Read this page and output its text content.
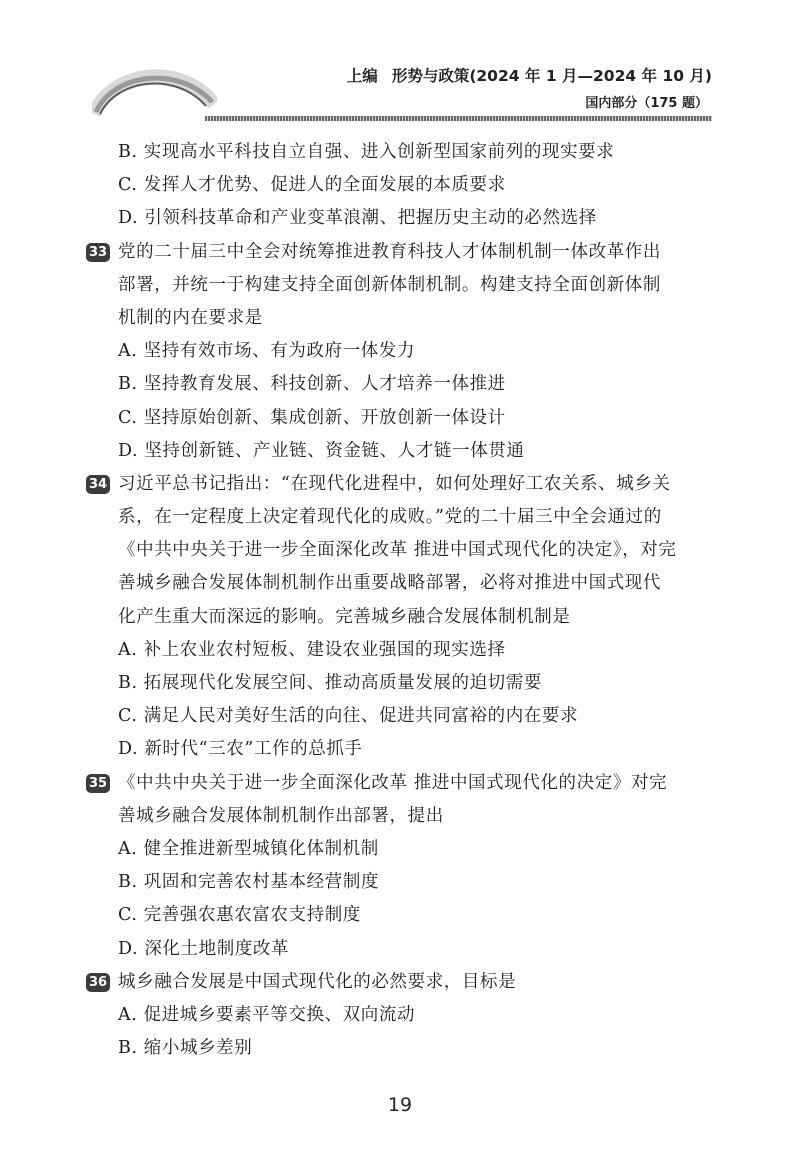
上编 形势与政策(2024 年 1 月—2024 年 10 月)
国内部分（175 题）
B. 实现高水平科技自立自强、进入创新型国家前列的现实要求
C. 发挥人才优势、促进人的全面发展的本质要求
D. 引领科技革命和产业变革浪潮、把握历史主动的必然选择
33 党的二十届三中全会对统筹推进教育科技人才体制机制一体改革作出
部署，并统一于构建支持全面创新体制机制。构建支持全面创新体制
机制的内在要求是
A. 坚持有效市场、有为政府一体发力
B. 坚持教育发展、科技创新、人才培养一体推进
C. 坚持原始创新、集成创新、开放创新一体设计
D. 坚持创新链、产业链、资金链、人才链一体贯通
34 习近平总书记指出：“在现代化进程中，如何处理好工农关系、城乡关
系，在一定程度上决定着现代化的成败。”党的二十届三中全会通过的
《中共中央关于进一步全面深化改革 推进中国式现代化的决定》，对完
善城乡融合发展体制机制作出重要战略部署，必将对推进中国式现代
化产生重大而深远的影响。完善城乡融合发展体制机制是
A. 补上农业农村短板、建设农业强国的现实选择
B. 拓展现代化发展空间、推动高质量发展的迫切需要
C. 满足人民对美好生活的向往、促进共同富裕的内在要求
D. 新时代“三农”工作的总抓手
35 《中共中央关于进一步全面深化改革 推进中国式现代化的决定》对完
善城乡融合发展体制机制作出部署，提出
A. 健全推进新型城镇化体制机制
B. 巩固和完善农村基本经营制度
C. 完善强农惠农富农支持制度
D. 深化土地制度改革
36 城乡融合发展是中国式现代化的必然要求，目标是
A. 促进城乡要素平等交换、双向流动
B. 缩小城乡差别
19
